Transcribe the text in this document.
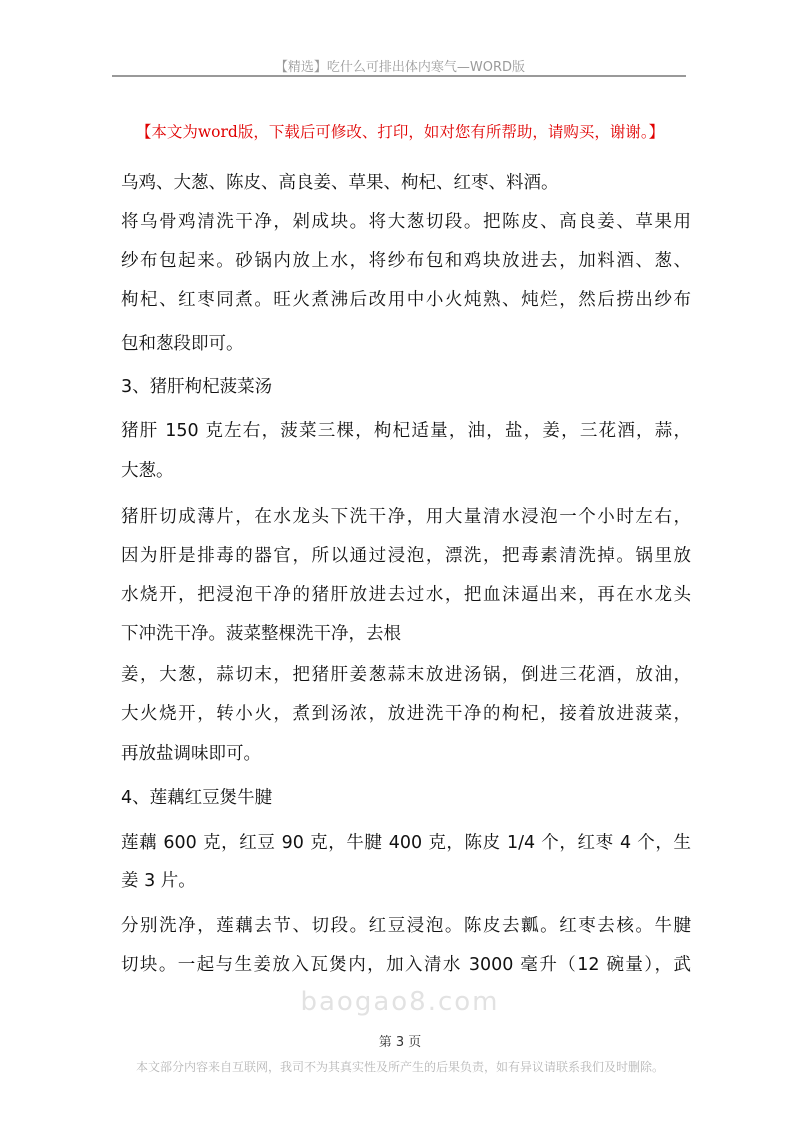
【精选】吃什么可排出体内寒气—WORD版
【本文为word版，下载后可修改、打印，如对您有所帮助，请购买，谢谢。】
乌鸡、大葱、陈皮、高良姜、草果、枸杞、红枣、料酒。
将乌骨鸡清洗干净，剁成块。将大葱切段。把陈皮、高良姜、草果用
纱布包起来。砂锅内放上水，将纱布包和鸡块放进去，加料酒、葱、
枸杞、红枣同煮。旺火煮沸后改用中小火炖熟、炖烂，然后捞出纱布
包和葱段即可。
3、猪肝枸杞菠菜汤
猪肝 150 克左右，菠菜三棵，枸杞适量，油，盐，姜，三花酒，蒜，
大葱。
猪肝切成薄片，在水龙头下洗干净，用大量清水浸泡一个小时左右，
因为肝是排毒的器官，所以通过浸泡，漂洗，把毒素清洗掉。锅里放
水烧开，把浸泡干净的猪肝放进去过水，把血沫逼出来，再在水龙头
下冲洗干净。菠菜整棵洗干净，去根
姜，大葱，蒜切末，把猪肝姜葱蒜末放进汤锅，倒进三花酒，放油，
大火烧开，转小火，煮到汤浓，放进洗干净的枸杞，接着放进菠菜，
再放盐调味即可。
4、莲藕红豆煲牛腱
莲藕 600 克，红豆 90 克，牛腱 400 克，陈皮 1/4 个，红枣 4 个，生
姜 3 片。
分别洗净，莲藕去节、切段。红豆浸泡。陈皮去瓤。红枣去核。牛腱
切块。一起与生姜放入瓦煲内，加入清水 3000 毫升（12 碗量），武
baogao8.com
第 3 页
本文部分内容来自互联网，我司不为其真实性及所产生的后果负责，如有异议请联系我们及时删除。
